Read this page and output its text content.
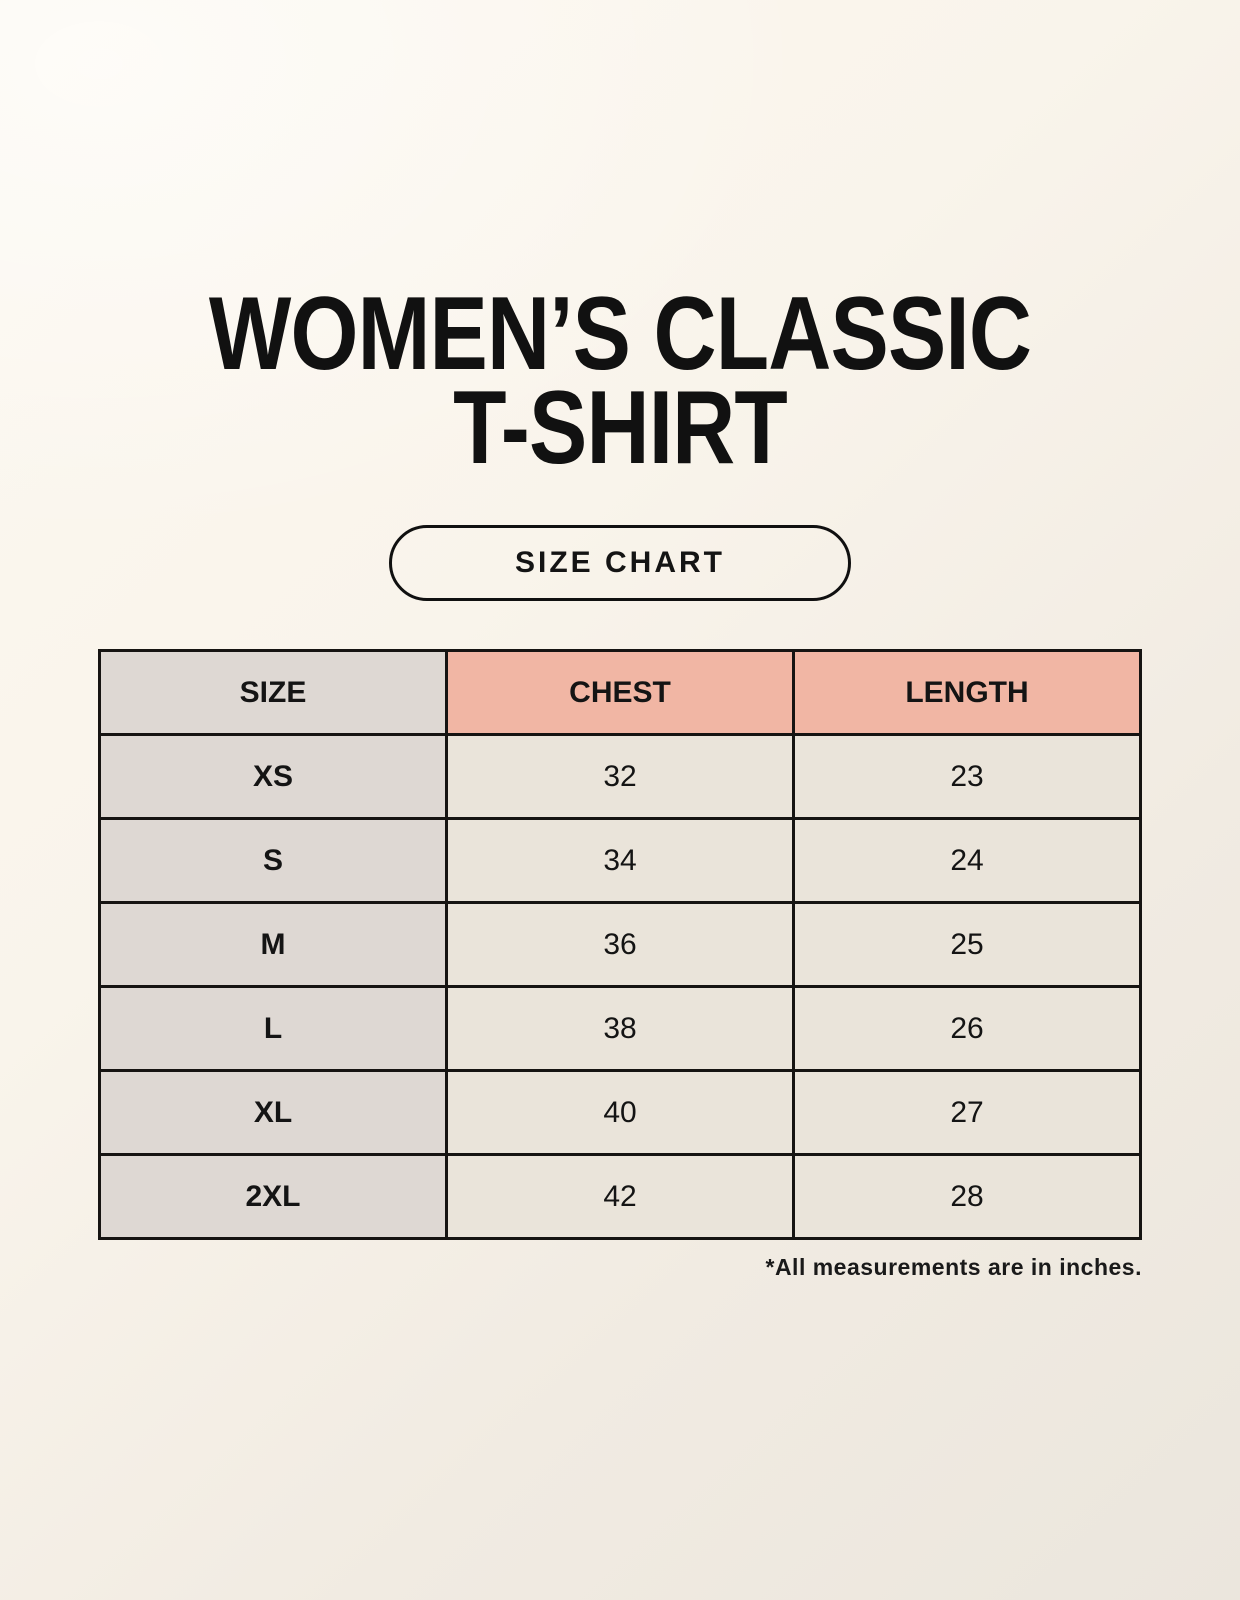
WOMEN’S CLASSIC
T-SHIRT
SIZE CHART
SIZE	CHEST	LENGTH
XS	32	23
S	34	24
M	36	25
L	38	26
XL	40	27
2XL	42	28
*All measurements are in inches.
